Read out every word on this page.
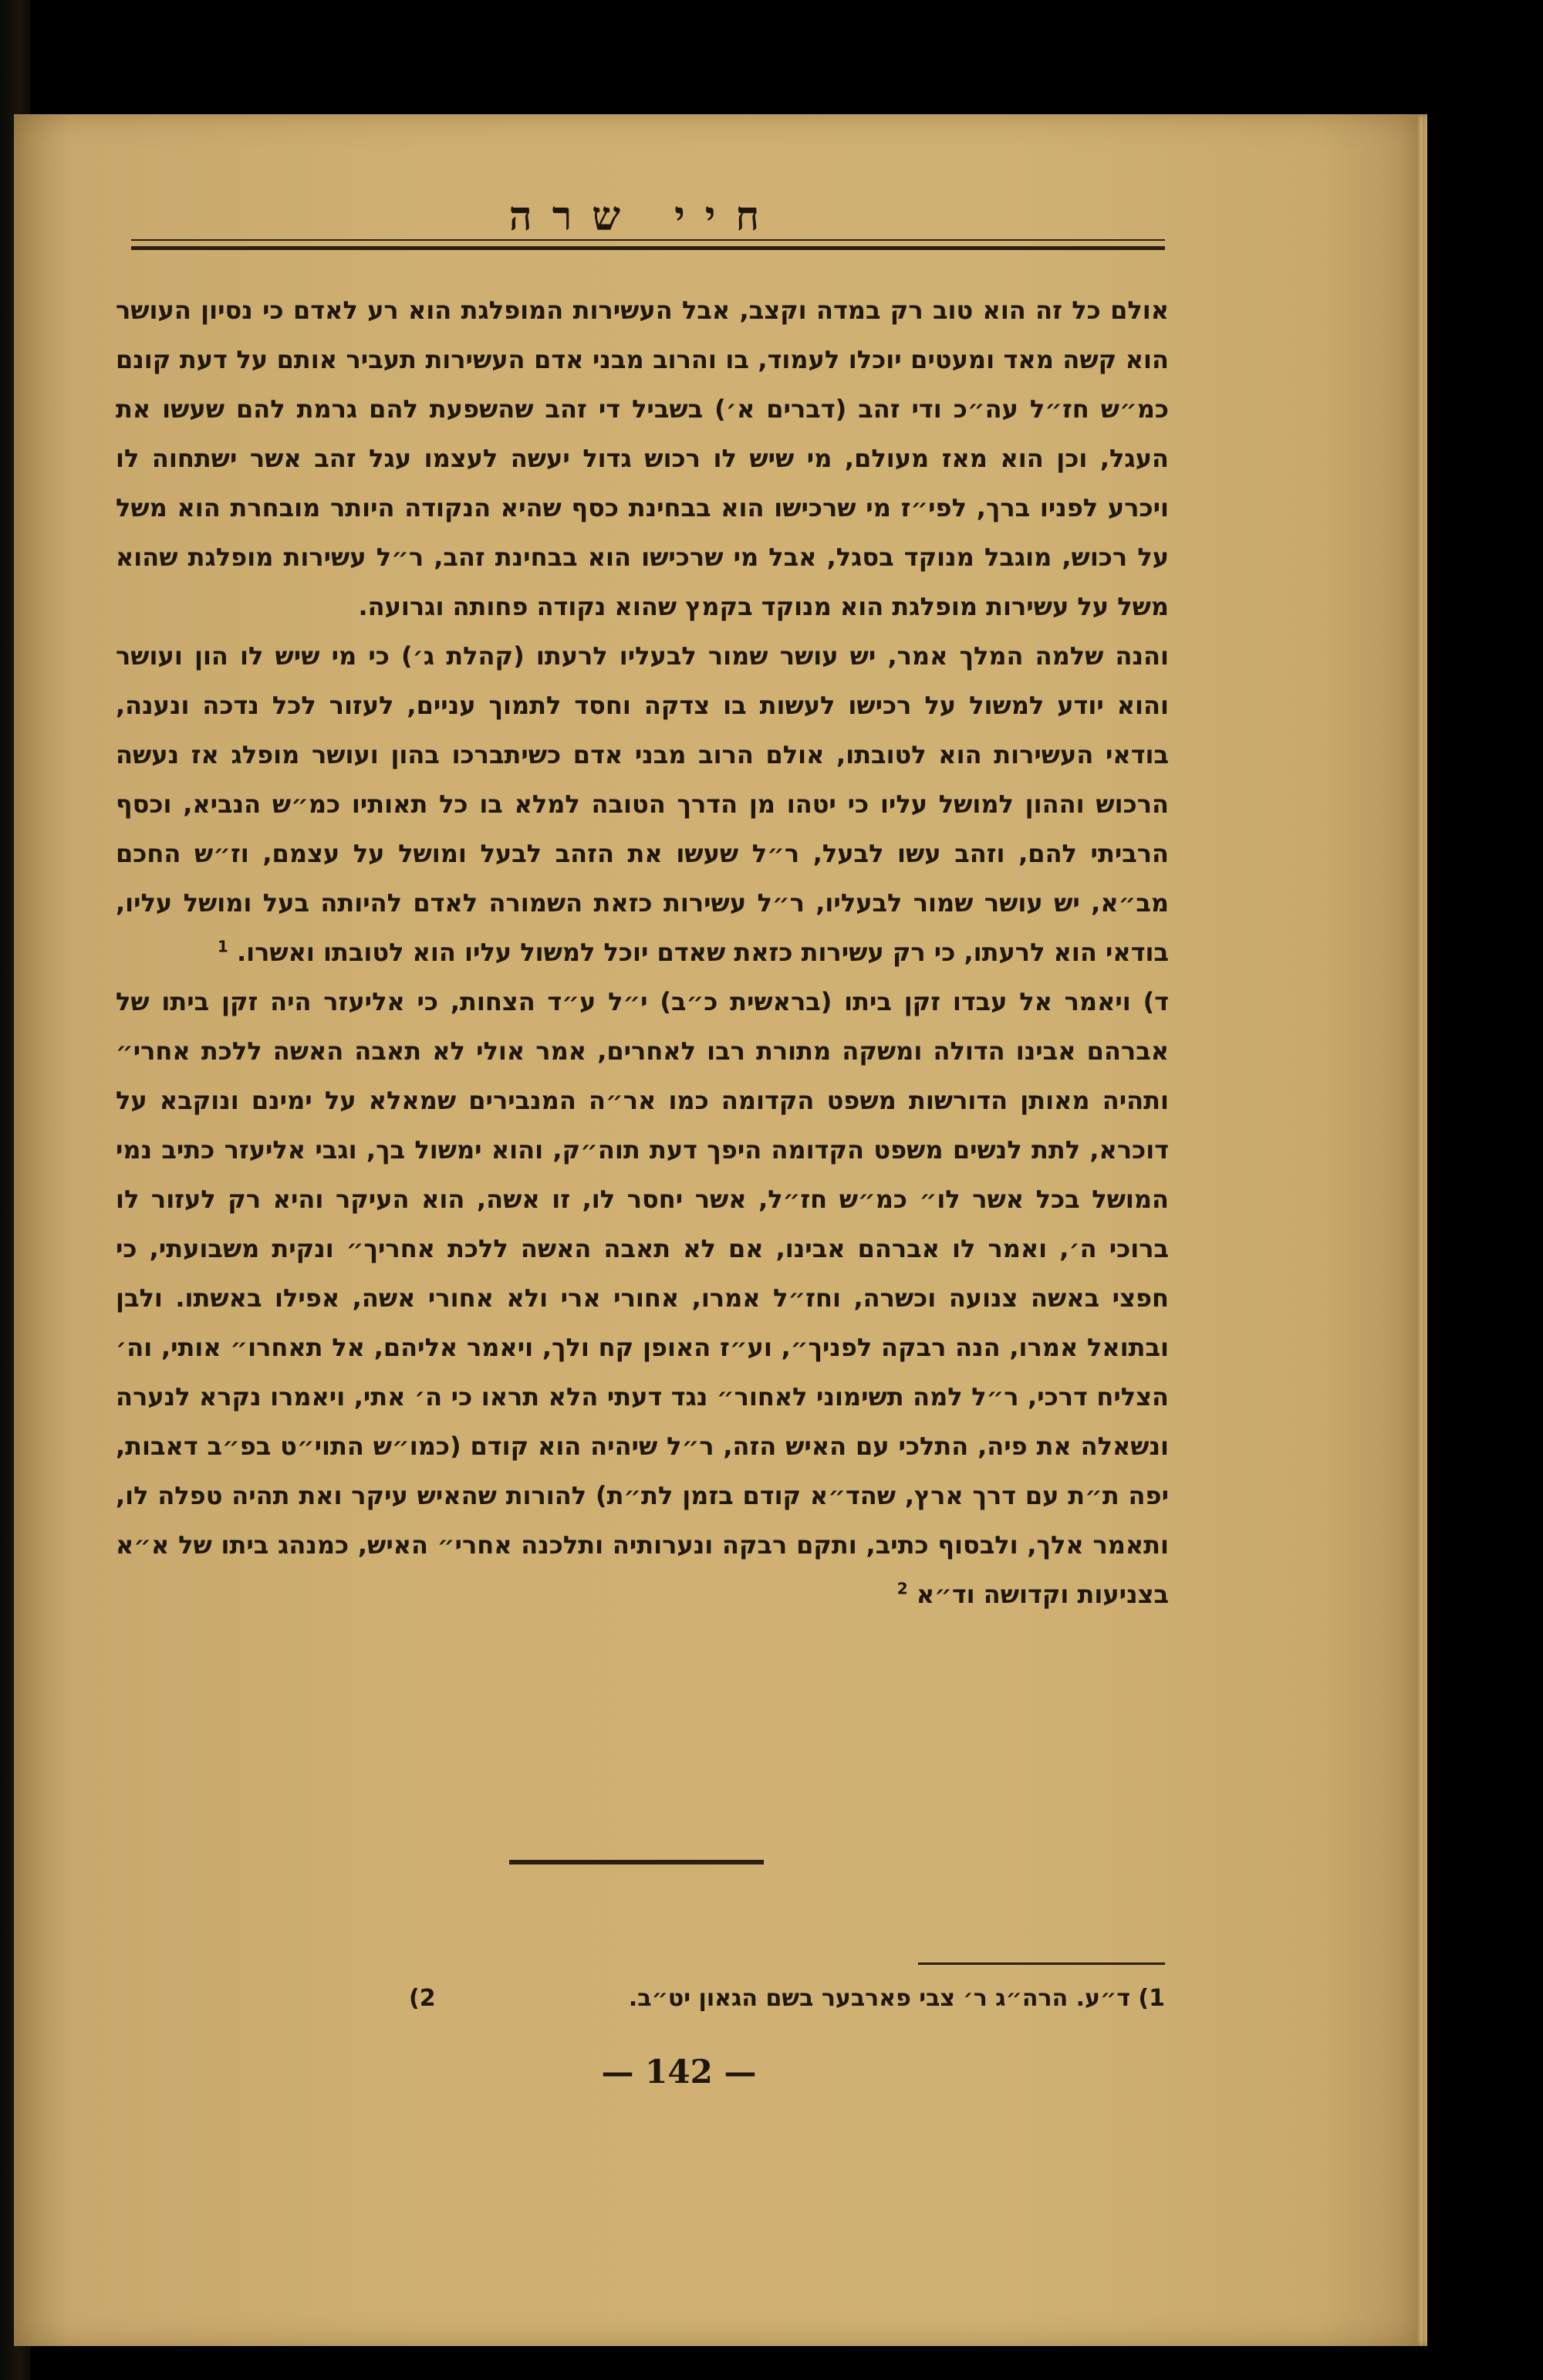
חיי שרה

אולם כל זה הוא טוב רק במדה וקצב, אבל העשירות המופלגת הוא רע לאדם כי נסיון העושר הוא קשה מאד ומעטים יוכלו לעמוד, בו והרוב מבני אדם העשירות תעביר אותם על דעת קונם כמ״ש חז״ל עה״כ ודי זהב (דברים א׳) בשביל די זהב שהשפעת להם גרמת להם שעשו את העגל, וכן הוא מאז מעולם, מי שיש לו רכוש גדול יעשה לעצמו עגל זהב אשר ישתחוה לו ויכרע לפניו ברך, לפי״ז מי שרכישו הוא בבחינת כסף שהיא הנקודה היותר מובחרת הוא משל על רכוש, מוגבל מנוקד בסגל, אבל מי שרכישו הוא בבחינת זהב, ר״ל עשירות מופלגת שהוא משל על עשירות מופלגת הוא מנוקד בקמץ שהוא נקודה פחותה וגרועה.

והנה שלמה המלך אמר, יש עושר שמור לבעליו לרעתו (קהלת ג׳) כי מי שיש לו הון ועושר והוא יודע למשול על רכישו לעשות בו צדקה וחסד לתמוך עניים, לעזור לכל נדכה ונענה, בודאי העשירות הוא לטובתו, אולם הרוב מבני אדם כשיתברכו בהון ועושר מופלג אז נעשה הרכוש וההון למושל עליו כי יטהו מן הדרך הטובה למלא בו כל תאותיו כמ״ש הנביא, וכסף הרביתי להם, וזהב עשו לבעל, ר״ל שעשו את הזהב לבעל ומושל על עצמם, וז״ש החכם מב״א, יש עושר שמור לבעליו, ר״ל עשירות כזאת השמורה לאדם להיותה בעל ומושל עליו, בודאי הוא לרעתו, כי רק עשירות כזאת שאדם יוכל למשול עליו הוא לטובתו ואשרו. $^1$

ד) ויאמר אל עבדו זקן ביתו (בראשית כ״ב) י״ל ע״ד הצחות, כי אליעזר היה זקן ביתו של אברהם אבינו הדולה ומשקה מתורת רבו לאחרים, אמר אולי לא תאבה האשה ללכת אחרי״ ותהיה מאותן הדורשות משפט הקדומה כמו אר״ה המנבירים שמאלא על ימינם ונוקבא על דוכרא, לתת לנשים משפט הקדומה היפך דעת תוה״ק, והוא ימשול בך, וגבי אליעזר כתיב נמי המושל בכל אשר לו״ כמ״ש חז״ל, אשר יחסר לו, זו אשה, הוא העיקר והיא רק לעזור לו ברוכי ה׳, ואמר לו אברהם אבינו, אם לא תאבה האשה ללכת אחריך״ ונקית משבועתי, כי חפצי באשה צנועה וכשרה, וחז״ל אמרו, אחורי ארי ולא אחורי אשה, אפילו באשתו. ולבן ובתואל אמרו, הנה רבקה לפניך״, וע״ז האופן קח ולך, ויאמר אליהם, אל תאחרו״ אותי, וה׳ הצליח דרכי, ר״ל למה תשימוני לאחור״ נגד דעתי הלא תראו כי ה׳ אתי, ויאמרו נקרא לנערה ונשאלה את פיה, התלכי עם האיש הזה, ר״ל שיהיה הוא קודם (כמו״ש התוי״ט בפ״ב דאבות, יפה ת״ת עם דרך ארץ, שהד״א קודם בזמן לת״ת) להורות שהאיש עיקר ואת תהיה טפלה לו, ותאמר אלך, ולבסוף כתיב, ותקם רבקה ונערותיה ותלכנה אחרי״ האיש, כמנהג ביתו של א״א בצניעות וקדושה וד״א $^2$

1) ד״ע. הרה״ג ר׳ צבי פארבער בשם הגאון יט״ב.
2)
— 142 —
